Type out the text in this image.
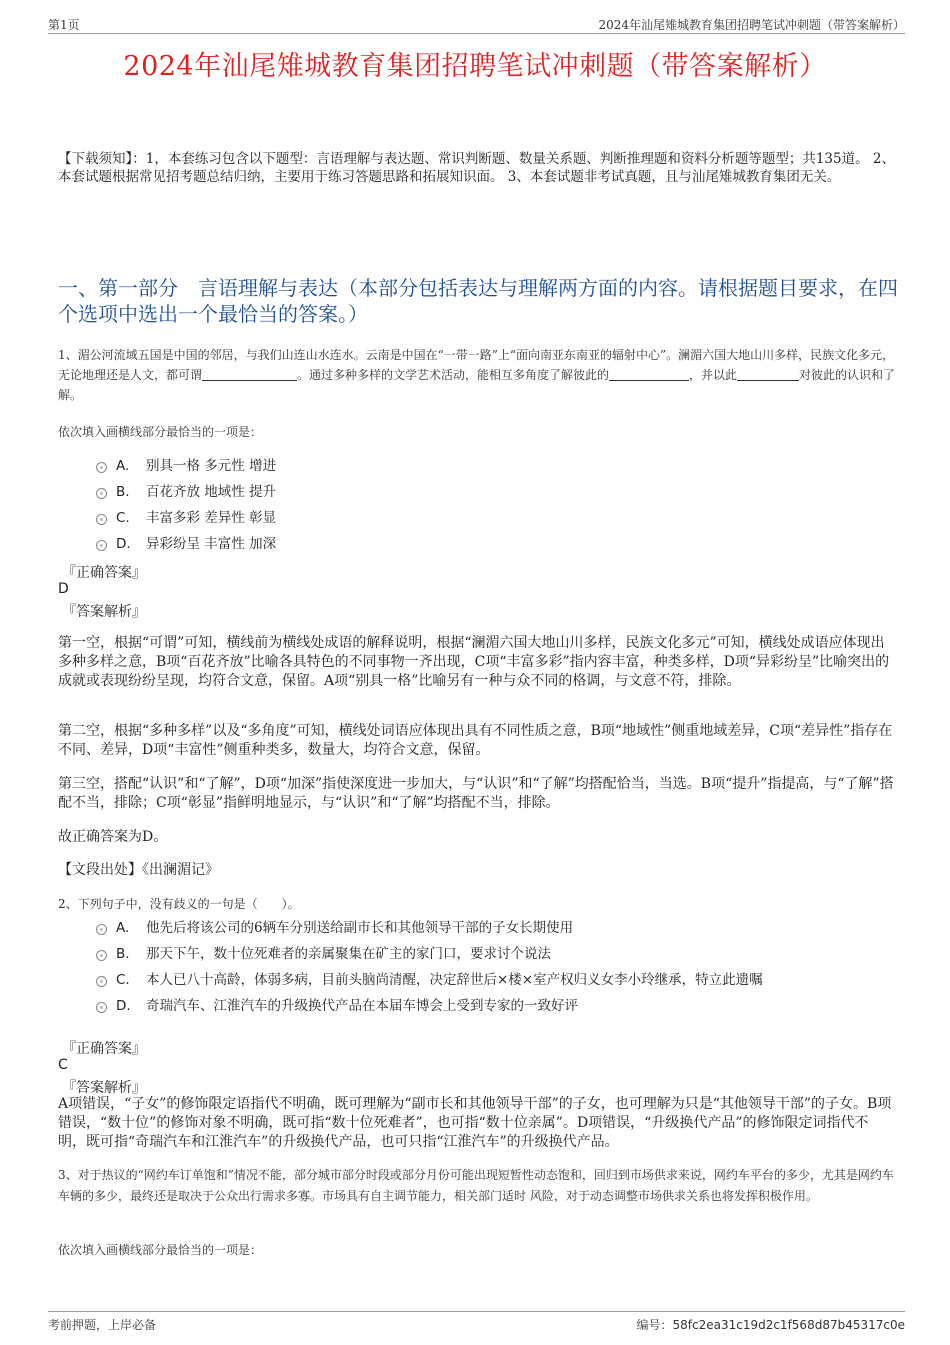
第1页	2024年汕尾雉城教育集团招聘笔试冲刺题（带答案解析）
2024年汕尾雉城教育集团招聘笔试冲刺题（带答案解析）
【下载须知】：1，本套练习包含以下题型：言语理解与表达题、常识判断题、数量关系题、判断推理题和资料分析题等题型；共135道。 2、本套试题根据常见招考题总结归纳，主要用于练习答题思路和拓展知识面。 3、本套试题非考试真题，且与汕尾雉城教育集团无关。
一、第一部分　言语理解与表达（本部分包括表达与理解两方面的内容。请根据题目要求，在四个选项中选出一个最恰当的答案。）
1、湄公河流域五国是中国的邻居，与我们山连山水连水。云南是中国在“一带一路”上“面向南亚东南亚的辐射中心”。澜湄六国大地山川多样，民族文化多元，无论地理还是人文，都可谓	。通过多种多样的文学艺术活动，能相互多角度了解彼此的	，并以此	对彼此的认识和了解。
依次填入画横线部分最恰当的一项是：
A. 别具一格 多元性 增进
B. 百花齐放 地域性 提升
C. 丰富多彩 差异性 彰显
D. 异彩纷呈 丰富性 加深
『正确答案』
D
『答案解析』
第一空，根据“可谓”可知，横线前为横线处成语的解释说明，根据“澜湄六国大地山川多样，民族文化多元”可知，横线处成语应体现出多种多样之意，B项“百花齐放”比喻各具特色的不同事物一齐出现，C项“丰富多彩”指内容丰富，种类多样，D项“异彩纷呈”比喻突出的成就或表现纷纷呈现，均符合文意，保留。A项“别具一格”比喻另有一种与众不同的格调，与文意不符，排除。
第二空，根据“多种多样”以及“多角度”可知，横线处词语应体现出具有不同性质之意，B项“地域性”侧重地域差异，C项“差异性”指存在不同、差异，D项“丰富性”侧重种类多，数量大，均符合文意，保留。
第三空，搭配“认识”和“了解”，D项“加深”指使深度进一步加大，与“认识”和“了解”均搭配恰当，当选。B项“提升”指提高，与“了解”搭配不当，排除；C项“彰显”指鲜明地显示，与“认识”和“了解”均搭配不当，排除。
故正确答案为D。
【文段出处】《出澜湄记》
2、下列句子中，没有歧义的一句是（　　）。
A. 他先后将该公司的6辆车分别送给副市长和其他领导干部的子女长期使用
B. 那天下午，数十位死难者的亲属聚集在矿主的家门口，要求讨个说法
C. 本人已八十高龄，体弱多病，目前头脑尚清醒，决定辞世后×楼×室产权归义女李小玲继承，特立此遗嘱
D. 奇瑞汽车、江淮汽车的升级换代产品在本届车博会上受到专家的一致好评
『正确答案』
C
『答案解析』
A项错误，“子女”的修饰限定语指代不明确，既可理解为“副市长和其他领导干部”的子女，也可理解为只是“其他领导干部”的子女。B项错误，“数十位”的修饰对象不明确，既可指“数十位死难者”，也可指“数十位亲属”。D项错误，“升级换代产品”的修饰限定词指代不明，既可指“奇瑞汽车和江淮汽车”的升级换代产品，也可只指“江淮汽车”的升级换代产品。
3、对于热议的“网约车订单饱和”情况不能，部分城市部分时段或部分月份可能出现短暂性动态饱和，回归到市场供求来说，网约车平台的多少，尤其是网约车车辆的多少，最终还是取决于公众出行需求多寡。市场具有自主调节能力，相关部门适时 风险，对于动态调整市场供求关系也将发挥积极作用。
依次填入画横线部分最恰当的一项是：
考前押题，上岸必备	编号：58fc2ea31c19d2c1f568d87b45317c0e
